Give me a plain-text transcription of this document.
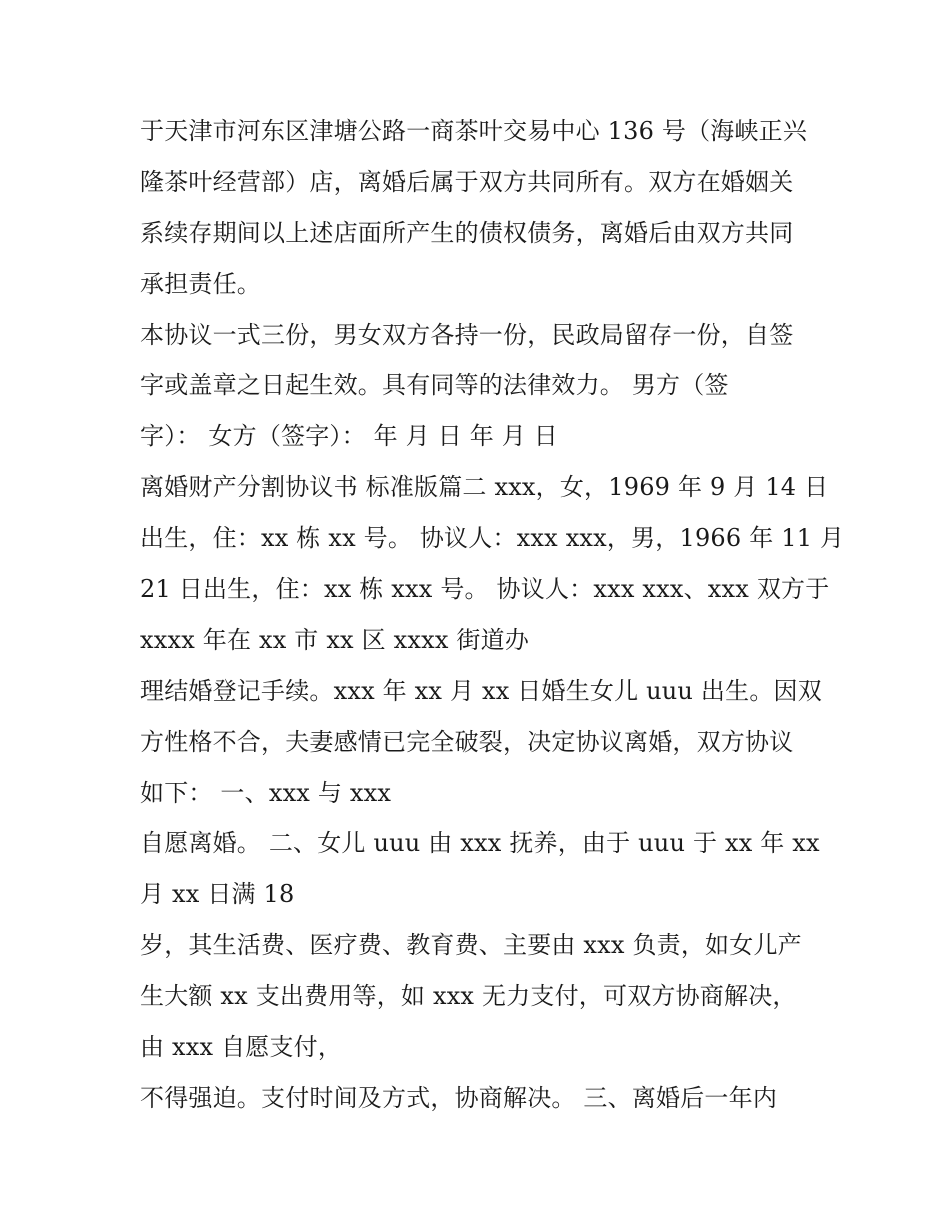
于天津市河东区津塘公路一商茶叶交易中心 136 号（海峡正兴
隆茶叶经营部）店，离婚后属于双方共同所有。双方在婚姻关
系续存期间以上述店面所产生的债权债务，离婚后由双方共同
承担责任。
本协议一式三份，男女双方各持一份，民政局留存一份，自签
字或盖章之日起生效。具有同等的法律效力。 男方（签
字）： 女方（签字）： 年 月 日 年 月 日
离婚财产分割协议书 标准版篇二 xxx，女，1969 年 9 月 14 日
出生，住：xx 栋 xx 号。 协议人：xxx xxx，男，1966 年 11 月
21 日出生，住：xx 栋 xxx 号。 协议人：xxx xxx、xxx 双方于
xxxx 年在 xx 市 xx 区 xxxx 街道办
理结婚登记手续。xxx 年 xx 月 xx 日婚生女儿 uuu 出生。因双
方性格不合，夫妻感情已完全破裂，决定协议离婚，双方协议
如下： 一、xxx 与 xxx
自愿离婚。 二、女儿 uuu 由 xxx 抚养，由于 uuu 于 xx 年 xx
月 xx 日满 18
岁，其生活费、医疗费、教育费、主要由 xxx 负责，如女儿产
生大额 xx 支出费用等，如 xxx 无力支付，可双方协商解决，
由 xxx 自愿支付，
不得强迫。支付时间及方式，协商解决。 三、离婚后一年内
